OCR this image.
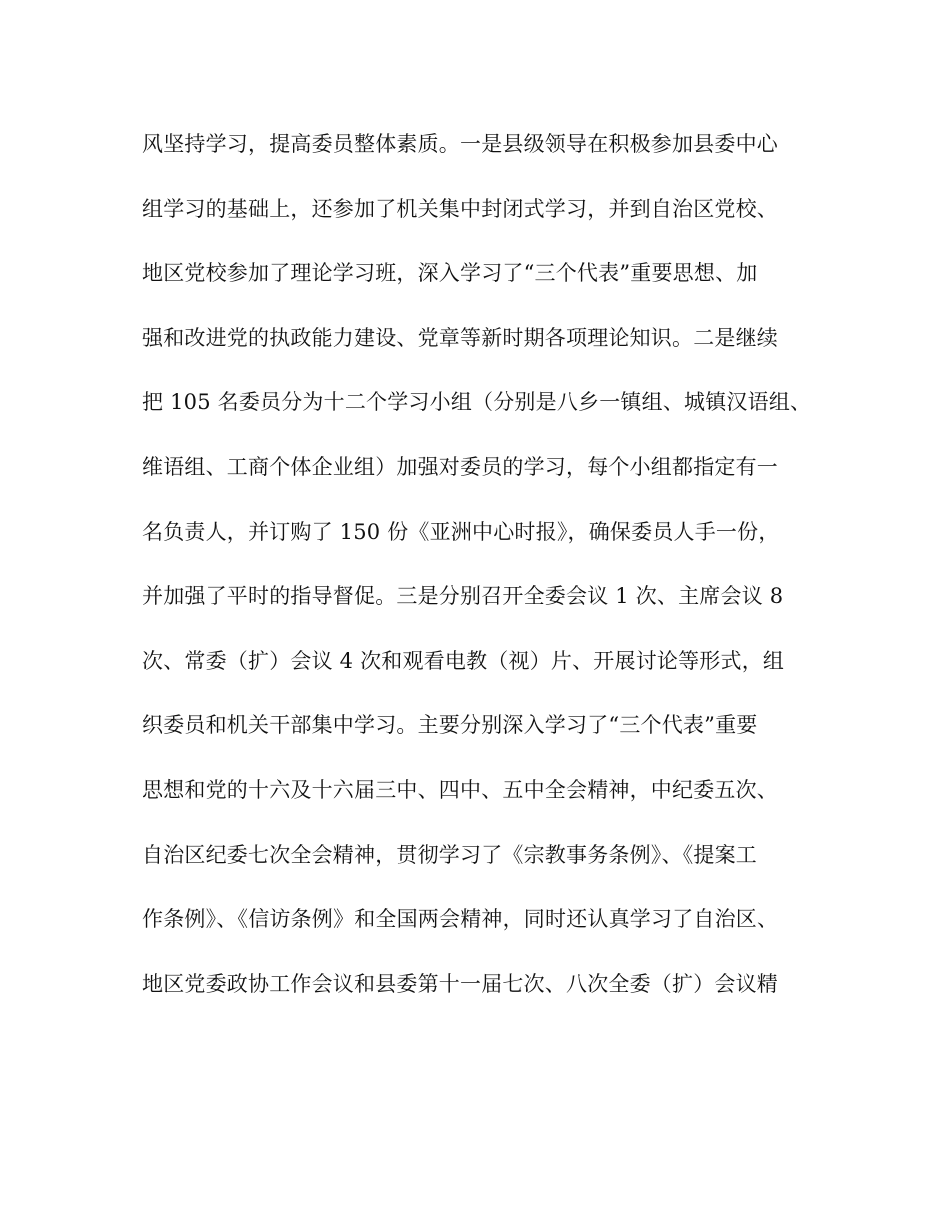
风坚持学习，提高委员整体素质。一是县级领导在积极参加县委中心
组学习的基础上，还参加了机关集中封闭式学习，并到自治区党校、
地区党校参加了理论学习班，深入学习了“三个代表”重要思想、加
强和改进党的执政能力建设、党章等新时期各项理论知识。二是继续
把 105 名委员分为十二个学习小组（分别是八乡一镇组、城镇汉语组、
维语组、工商个体企业组）加强对委员的学习，每个小组都指定有一
名负责人，并订购了 150 份《亚洲中心时报》，确保委员人手一份，
并加强了平时的指导督促。三是分别召开全委会议 1 次、主席会议 8
次、常委（扩）会议 4 次和观看电教（视）片、开展讨论等形式，组
织委员和机关干部集中学习。主要分别深入学习了“三个代表”重要
思想和党的十六及十六届三中、四中、五中全会精神，中纪委五次、
自治区纪委七次全会精神，贯彻学习了《宗教事务条例》、《提案工
作条例》、《信访条例》和全国两会精神，同时还认真学习了自治区、
地区党委政协工作会议和县委第十一届七次、八次全委（扩）会议精
